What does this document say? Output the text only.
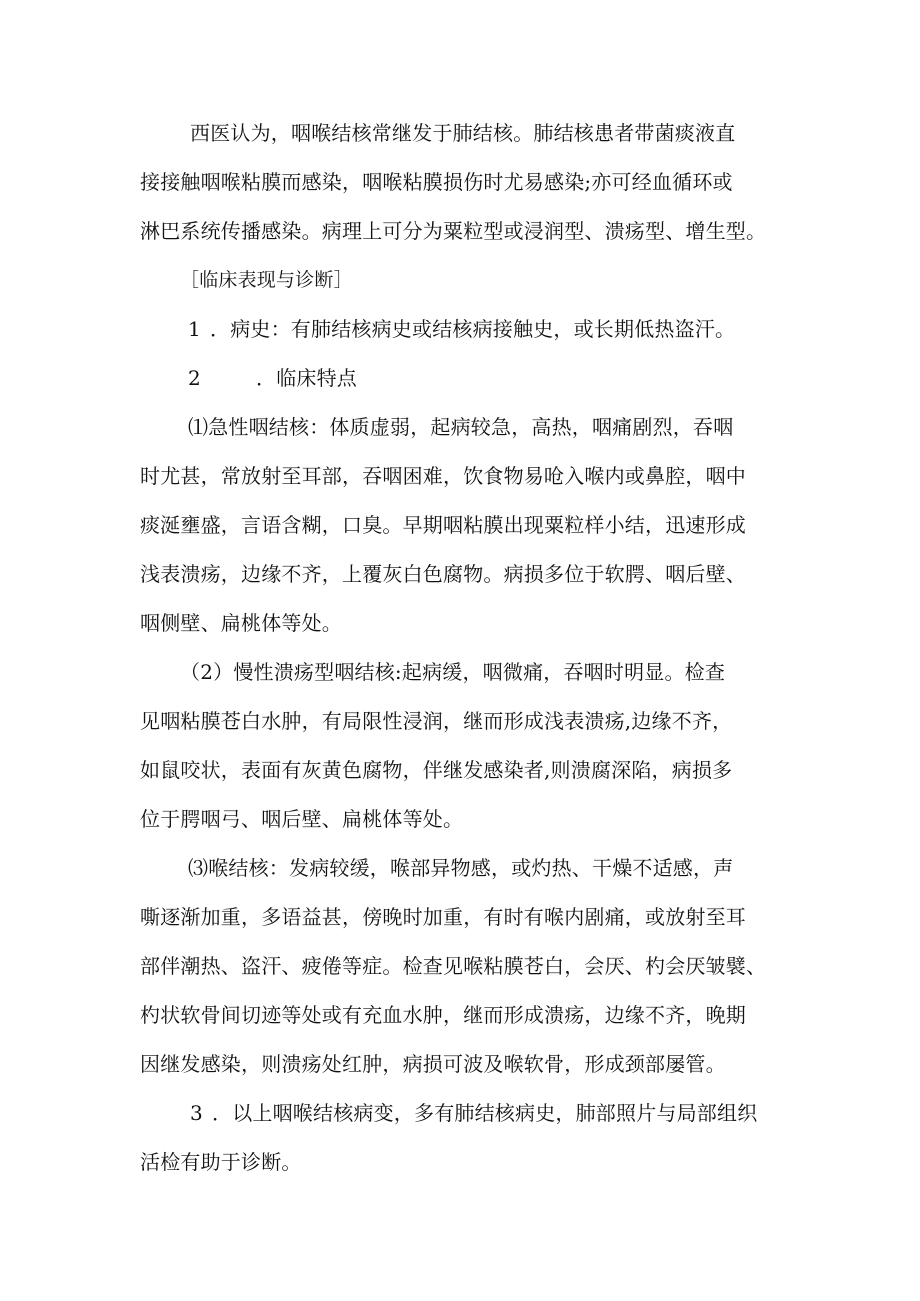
西医认为，咽喉结核常继发于肺结核。肺结核患者带菌痰液直
接接触咽喉粘膜而感染，咽喉粘膜损伤时尤易感染;亦可经血循环或
淋巴系统传播感染。病理上可分为粟粒型或浸润型、溃疡型、增生型。
［临床表现与诊断］
1 ．病史：有肺结核病史或结核病接触史，或长期低热盗汗。
2	．临床特点
⑴急性咽结核：体质虚弱，起病较急，高热，咽痛剧烈，吞咽
时尤甚，常放射至耳部，吞咽困难，饮食物易呛入喉内或鼻腔，咽中
痰涎壅盛，言语含糊，口臭。早期咽粘膜出现粟粒样小结，迅速形成
浅表溃疡，边缘不齐，上覆灰白色腐物。病损多位于软腭、咽后壁、
咽侧壁、扁桃体等处。
（2）慢性溃疡型咽结核:起病缓，咽微痛，吞咽时明显。检查
见咽粘膜苍白水肿，有局限性浸润，继而形成浅表溃疡,边缘不齐，
如鼠咬状，表面有灰黄色腐物，伴继发感染者,则溃腐深陷，病损多
位于腭咽弓、咽后壁、扁桃体等处。
⑶喉结核：发病较缓，喉部异物感，或灼热、干燥不适感，声
嘶逐渐加重，多语益甚，傍晚时加重，有时有喉内剧痛，或放射至耳
部伴潮热、盗汗、疲倦等症。检查见喉粘膜苍白，会厌、杓会厌皱襞、
杓状软骨间切迹等处或有充血水肿，继而形成溃疡，边缘不齐，晚期
因继发感染，则溃疡处红肿，病损可波及喉软骨，形成颈部屡管。
3 ．以上咽喉结核病变，多有肺结核病史，肺部照片与局部组织
活检有助于诊断。
